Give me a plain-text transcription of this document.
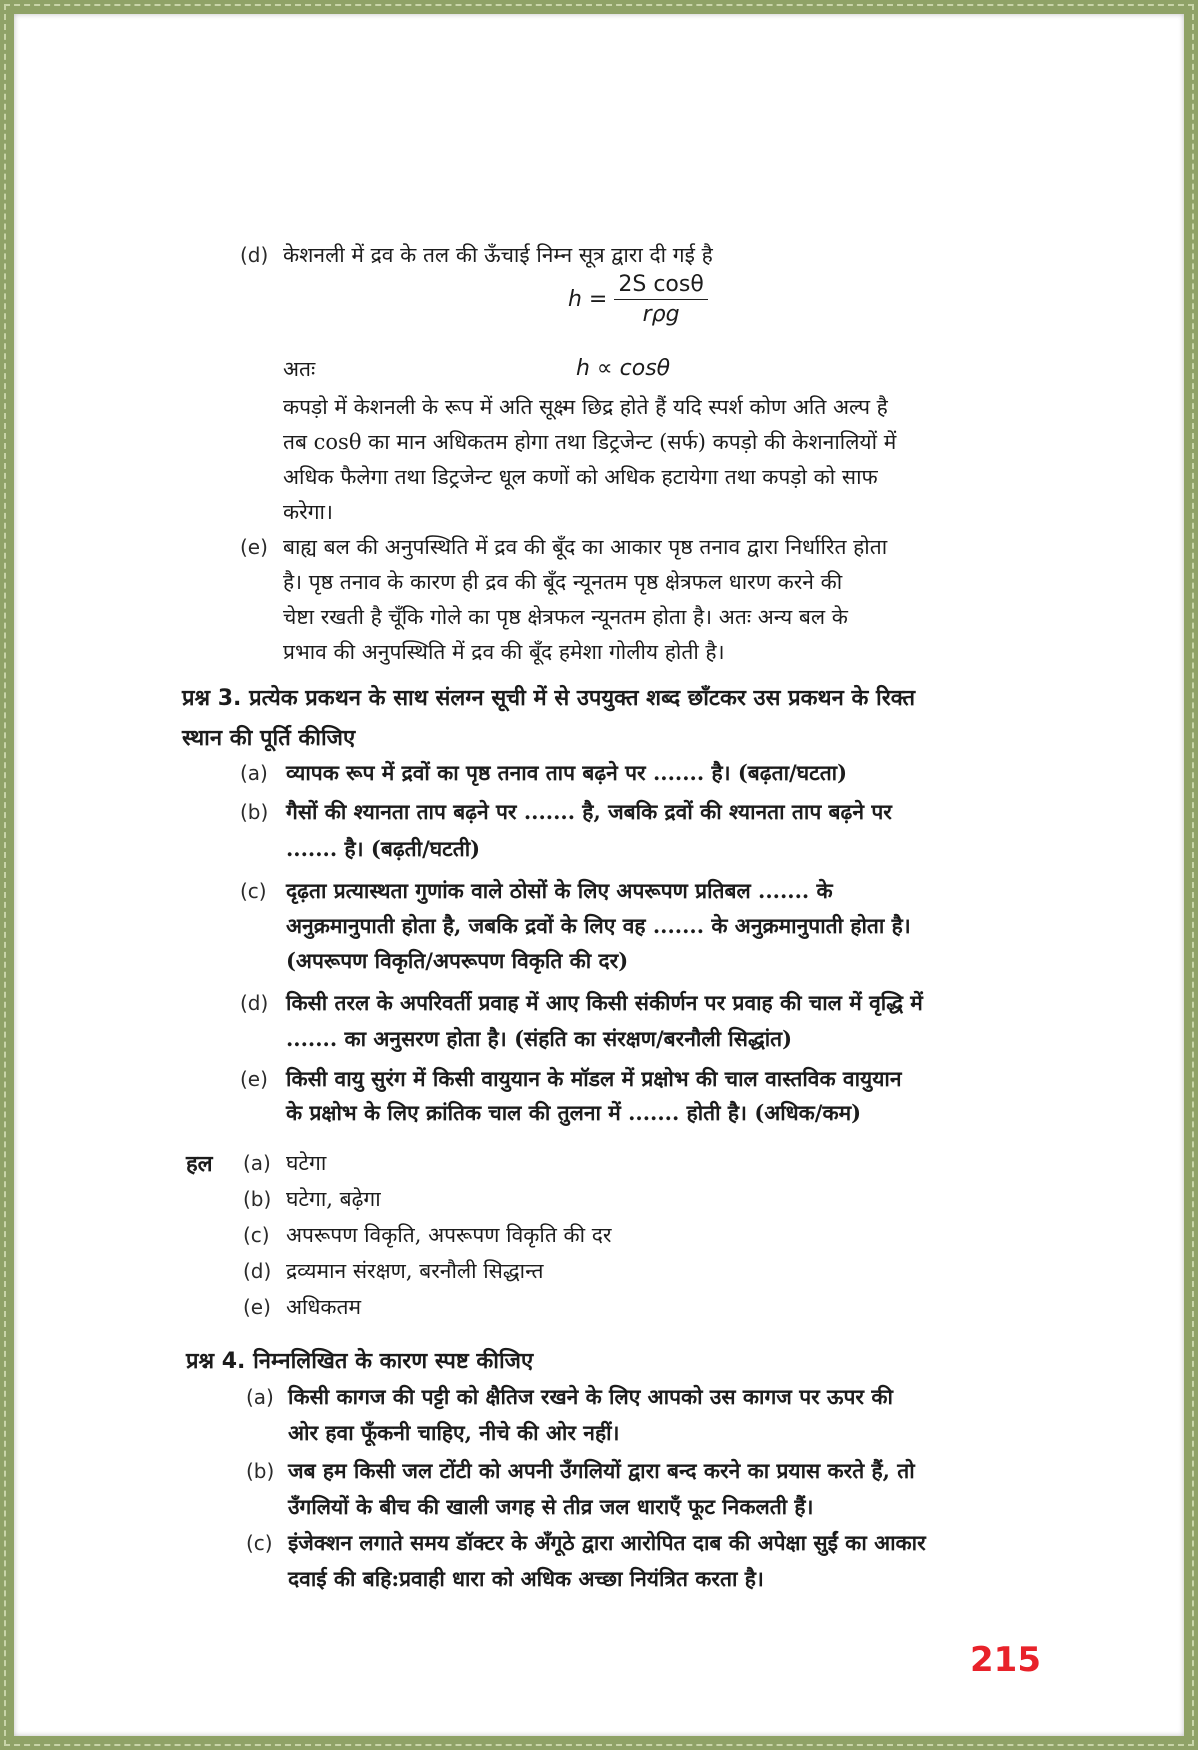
(d) केशनली में द्रव के तल की ऊँचाई निम्न सूत्र द्वारा दी गई है
$h = \frac{\text{2S cosθ}}{\text{rρg}}$
अतः	h ∝ cosθ
कपड़ो में केशनली के रूप में अति सूक्ष्म छिद्र होते हैं यदि स्पर्श कोण अति अल्प है
तब cosθ का मान अधिकतम होगा तथा डिट्रजेन्ट (सर्फ) कपड़ो की केशनालियों में
अधिक फैलेगा तथा डिट्रजेन्ट धूल कणों को अधिक हटायेगा तथा कपड़ो को साफ
करेगा।
(e) बाह्य बल की अनुपस्थिति में द्रव की बूँद का आकार पृष्ठ तनाव द्वारा निर्धारित होता
है। पृष्ठ तनाव के कारण ही द्रव की बूँद न्यूनतम पृष्ठ क्षेत्रफल धारण करने की
चेष्टा रखती है चूँकि गोले का पृष्ठ क्षेत्रफल न्यूनतम होता है। अतः अन्य बल के
प्रभाव की अनुपस्थिति में द्रव की बूँद हमेशा गोलीय होती है।
प्रश्न 3. प्रत्येक प्रकथन के साथ संलग्न सूची में से उपयुक्त शब्द छाँटकर उस प्रकथन के रिक्त
स्थान की पूर्ति कीजिए
(a) व्यापक रूप में द्रवों का पृष्ठ तनाव ताप बढ़ने पर ....... है। (बढ़ता/घटता)
(b) गैसों की श्यानता ताप बढ़ने पर ....... है, जबकि द्रवों की श्यानता ताप बढ़ने पर
....... है। (बढ़ती/घटती)
(c) दृढ़ता प्रत्यास्थता गुणांक वाले ठोसों के लिए अपरूपण प्रतिबल ....... के
अनुक्रमानुपाती होता है, जबकि द्रवों के लिए वह ....... के अनुक्रमानुपाती होता है।
(अपरूपण विकृति/अपरूपण विकृति की दर)
(d) किसी तरल के अपरिवर्ती प्रवाह में आए किसी संकीर्णन पर प्रवाह की चाल में वृद्धि में
....... का अनुसरण होता है। (संहति का संरक्षण/बरनौली सिद्धांत)
(e) किसी वायु सुरंग में किसी वायुयान के मॉडल में प्रक्षोभ की चाल वास्तविक वायुयान
के प्रक्षोभ के लिए क्रांतिक चाल की तुलना में ....... होती है। (अधिक/कम)
हल (a) घटेगा
(b) घटेगा, बढ़ेगा
(c) अपरूपण विकृति, अपरूपण विकृति की दर
(d) द्रव्यमान संरक्षण, बरनौली सिद्धान्त
(e) अधिकतम
प्रश्न 4. निम्नलिखित के कारण स्पष्ट कीजिए
(a) किसी कागज की पट्टी को क्षैतिज रखने के लिए आपको उस कागज पर ऊपर की
ओर हवा फूँकनी चाहिए, नीचे की ओर नहीं।
(b) जब हम किसी जल टोंटी को अपनी उँगलियों द्वारा बन्द करने का प्रयास करते हैं, तो
उँगलियों के बीच की खाली जगह से तीव्र जल धाराएँ फूट निकलती हैं।
(c) इंजेक्शन लगाते समय डॉक्टर के अँगूठे द्वारा आरोपित दाब की अपेक्षा सुईं का आकार
दवाई की बहि:प्रवाही धारा को अधिक अच्छा नियंत्रित करता है।
215
